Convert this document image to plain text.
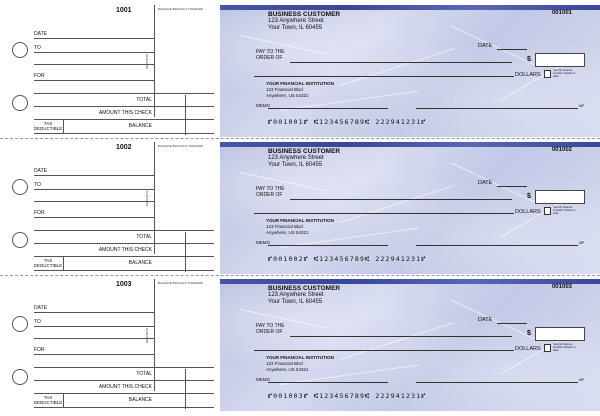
1001	BALANCE BROUGHT FORWARD
DATE
TO
FOR
DEPOSITS
TOTAL
AMOUNT THIS CHECK
TAX
DEDUCTIBLE	BALANCE
BUSINESS CUSTOMER
123 Anywhere Street
Your Town, IL 60455
001001
DATE
PAY TO THE
ORDER OF	$
DOLLARS
Security features included. Details on back.
YOUR FINANCIAL INSTITUTION
123 Financial Blvd
Anywhere, US 54321
MEMO	MP
⑈001001⑈ ⑆123456789⑆ 222941231⑈
1002	BALANCE BROUGHT FORWARD
DATE
TO
FOR
DEPOSITS
TOTAL
AMOUNT THIS CHECK
TAX
DEDUCTIBLE	BALANCE
BUSINESS CUSTOMER
123 Anywhere Street
Your Town, IL 60455
001002
DATE
PAY TO THE
ORDER OF	$
DOLLARS
Security features included. Details on back.
YOUR FINANCIAL INSTITUTION
123 Financial Blvd
Anywhere, US 54321
MEMO	MP
⑈001002⑈ ⑆123456789⑆ 222941231⑈
1003	BALANCE BROUGHT FORWARD
DATE
TO
FOR
DEPOSITS
TOTAL
AMOUNT THIS CHECK
TAX
DEDUCTIBLE	BALANCE
BUSINESS CUSTOMER
123 Anywhere Street
Your Town, IL 60455
001003
DATE
PAY TO THE
ORDER OF	$
DOLLARS
Security features included. Details on back.
YOUR FINANCIAL INSTITUTION
123 Financial Blvd
Anywhere, US 54321
MEMO	MP
⑈001003⑈ ⑆123456789⑆ 222941231⑈
